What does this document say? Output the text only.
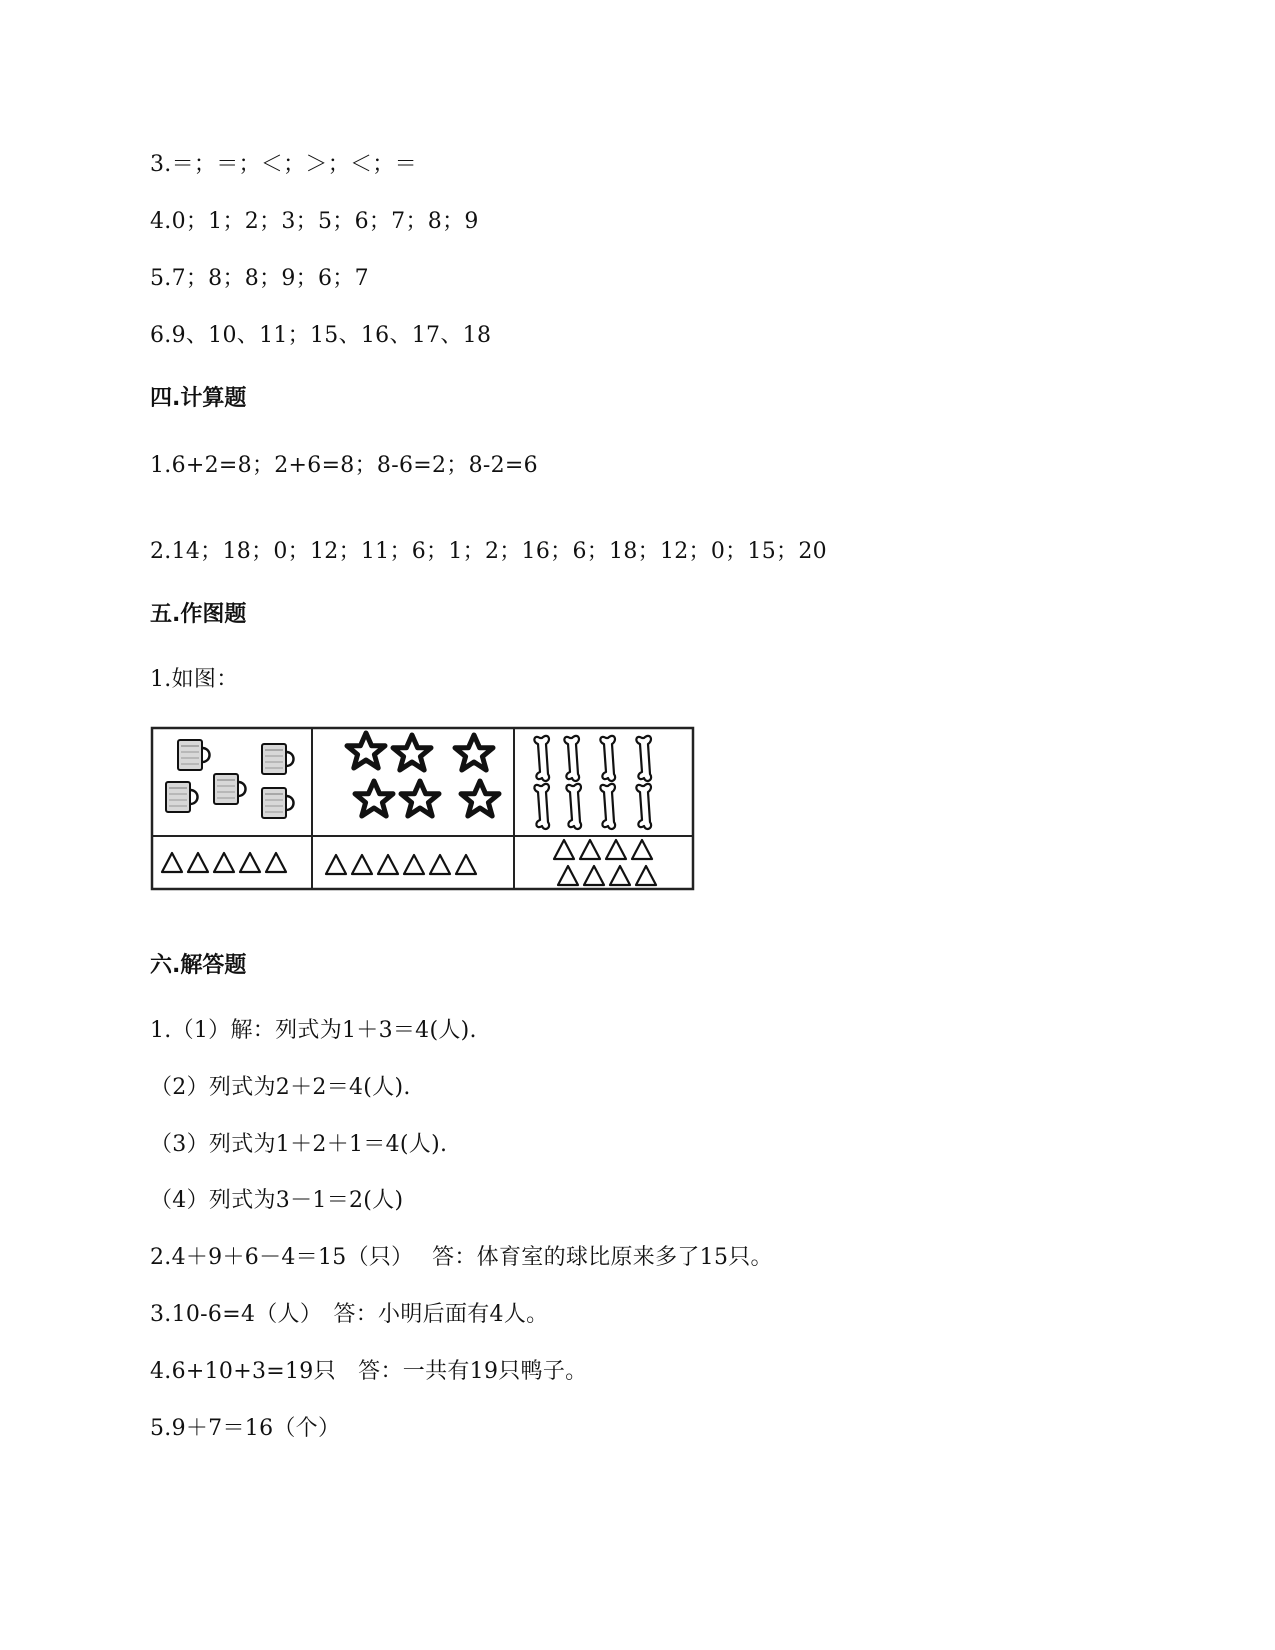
3.＝；＝；＜；＞；＜；＝
4.0；1；2；3；5；6；7；8；9
5.7；8；8；9；6；7
6.9、10、11；15、16、17、18
四.计算题
1.6+2=8；2+6=8；8-6=2；8-2=6
2.14；18；0；12；11；6；1；2；16；6；18；12；0；15；20
五.作图题
1.如图：
六.解答题
1.（1）解：列式为1＋3＝4(人).
（2）列式为2＋2＝4(人).
（3）列式为1＋2＋1＝4(人).
（4）列式为3－1＝2(人)
2.4＋9＋6－4＝15（只）　 答：体育室的球比原来多了15只。
3.10-6=4（人）　答：小明后面有4人。
4.6+10+3=19只　答：一共有19只鸭子。
5.9＋7＝16（个）
